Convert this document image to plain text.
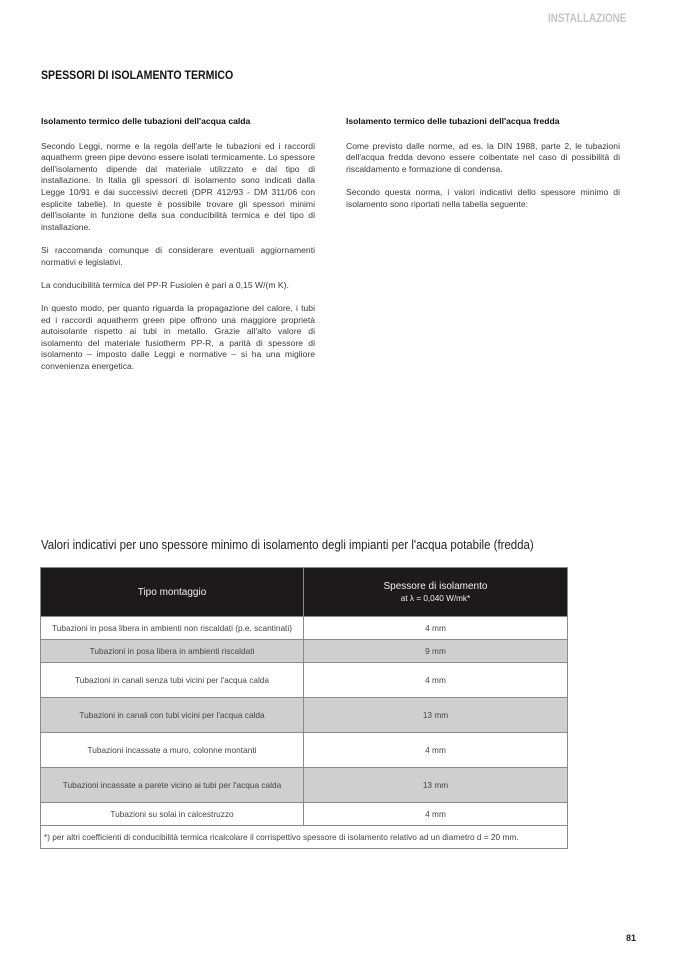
INSTALLAZIONE
SPESSORI DI ISOLAMENTO TERMICO
Isolamento termico delle tubazioni dell'acqua calda

Secondo Leggi, norme e la regola dell'arte le tubazioni ed i raccordi aquatherm green pipe devono essere isolati termicamente. Lo spessore dell'isolamento dipende dal materiale utilizzato e dal tipo di installazione. In Italia gli spessori di isolamento sono indicati dalla Legge 10/91 e dai successivi decreti (DPR 412/93 - DM 311/06 con esplicite tabelle). In queste è possibile trovare gli spessori minimi dell'isolante in funzione della sua conducibilità termica e del tipo di installazione.

Si raccomanda comunque di considerare eventuali aggiornamenti normativi e legislativi.

La conducibilità termica del PP-R Fusiolen è pari a 0,15 W/(m K).

In questo modo, per quanto riguarda la propagazione del calore, i tubi ed i raccordi aquatherm green pipe offrono una maggiore proprietà autoisolante rispetto ai tubi in metallo. Grazie all'alto valore di isolamento del materiale fusiotherm PP-R, a parità di spessore di isolamento – imposto dalle Leggi e normative – si ha una migliore convenienza energetica.

Isolamento termico delle tubazioni dell'acqua fredda

Come previsto dalle norme, ad es. la DIN 1988, parte 2, le tubazioni dell'acqua fredda devono essere coibentate nel caso di possibilità di riscaldamento e formazione di condensa.

Secondo questa norma, i valori indicativi dello spessore minimo di isolamento sono riportati nella tabella seguente:

Valori indicativi per uno spessore minimo di isolamento degli impianti per l'acqua potabile (fredda)
Tipo montaggio	Spessore di isolamento
at λ = 0,040 W/mk*

Tubazioni in posa libera in ambienti non riscaldati (p.e. scantinati)	4 mm
Tubazioni in posa libera in ambienti riscaldati	9 mm
Tubazioni in canali senza tubi vicini per l'acqua calda	4 mm
Tubazioni in canali con tubi vicini per l'acqua calda	13 mm
Tubazioni incassate a muro, colonne montanti	4 mm
Tubazioni incassate a parete vicino ai tubi per l'acqua calda	13 mm
Tubazioni su solai in calcestruzzo	4 mm
*) per altri coefficienti di conducibilità termica ricalcolare il corrispettivo spessore di isolamento relativo ad un diametro d = 20 mm.	
81
